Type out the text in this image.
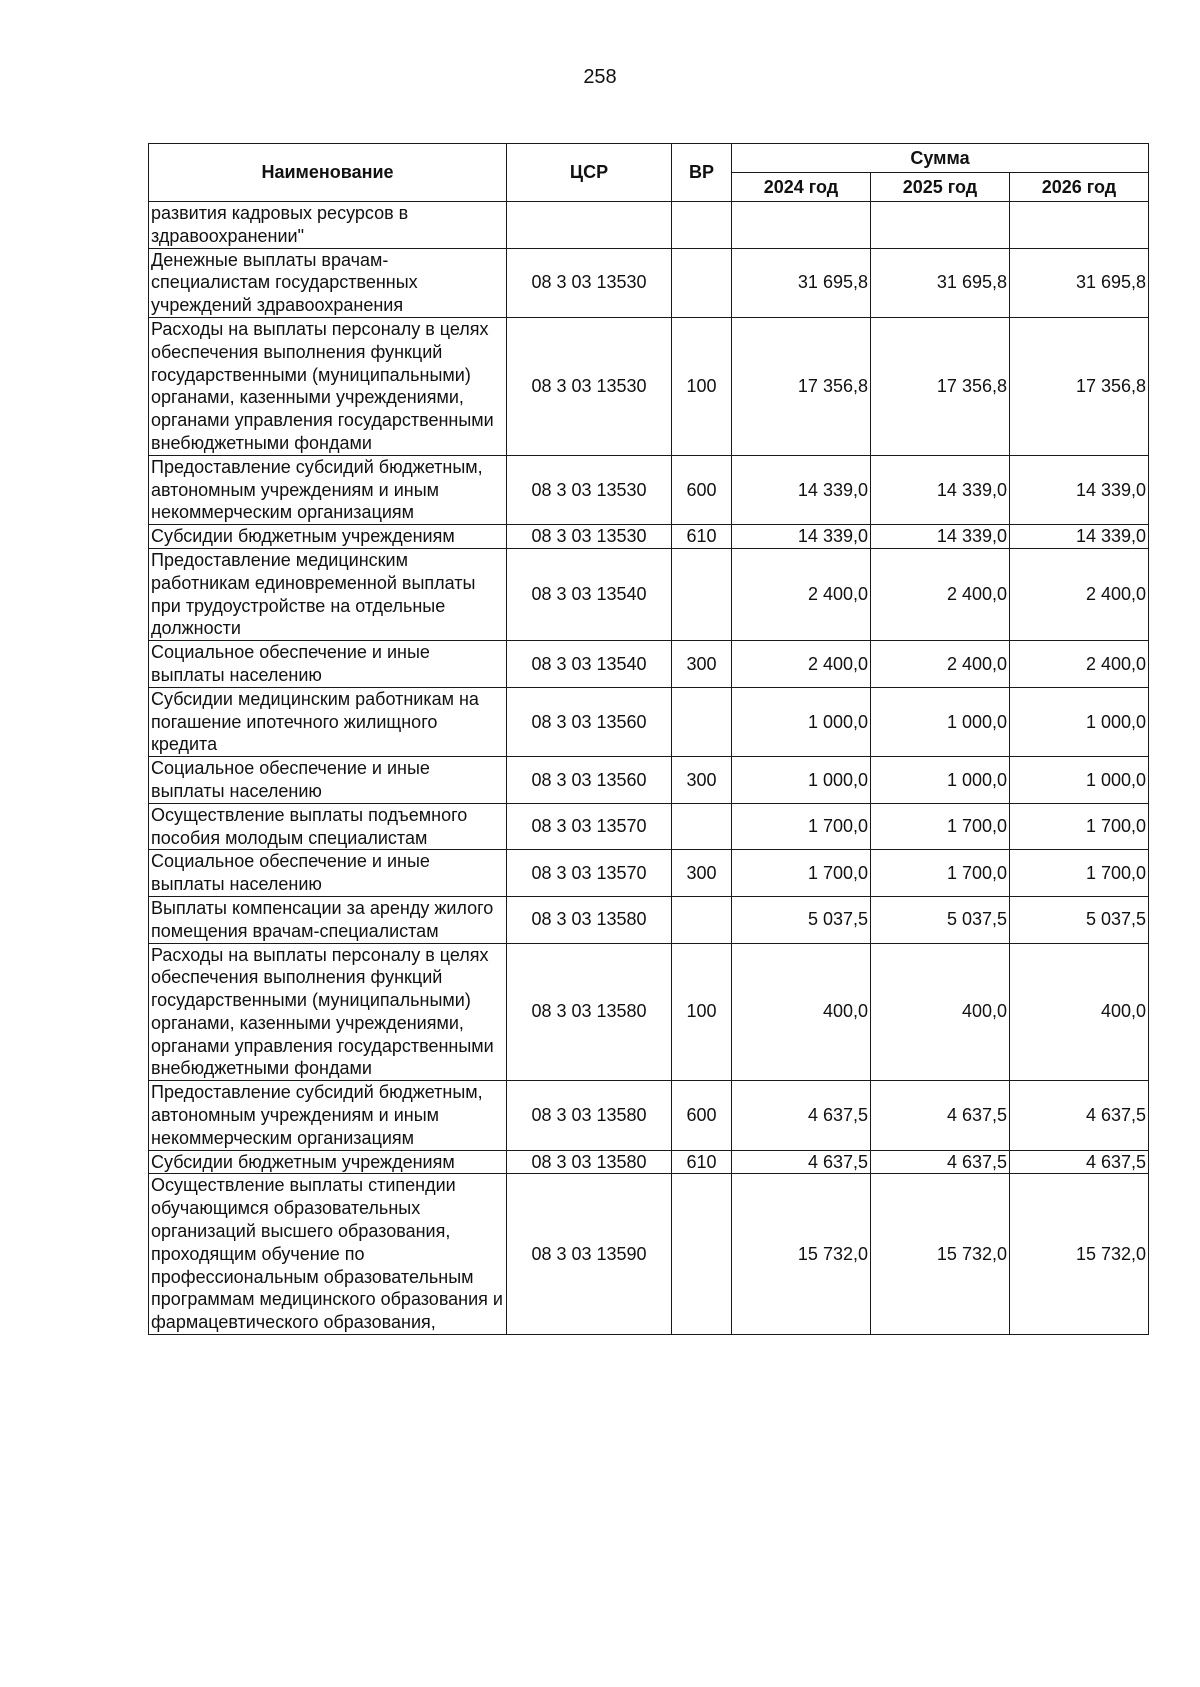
258
Наименование	ЦСР	ВР	Сумма		
			2024 год	2025 год	2026 год
развития кадровых ресурсов в здравоохранении"					
Денежные выплаты врачам-специалистам государственных учреждений здравоохранения	08 3 03 13530		31 695,8	31 695,8	31 695,8
Расходы на выплаты персоналу в целях обеспечения выполнения функций государственными (муниципальными) органами, казенными учреждениями, органами управления государственными внебюджетными фондами	08 3 03 13530	100	17 356,8	17 356,8	17 356,8
Предоставление субсидий бюджетным, автономным учреждениям и иным некоммерческим организациям	08 3 03 13530	600	14 339,0	14 339,0	14 339,0
Субсидии бюджетным учреждениям	08 3 03 13530	610	14 339,0	14 339,0	14 339,0
Предоставление медицинским работникам единовременной выплаты при трудоустройстве на отдельные должности	08 3 03 13540		2 400,0	2 400,0	2 400,0
Социальное обеспечение и иные выплаты населению	08 3 03 13540	300	2 400,0	2 400,0	2 400,0
Субсидии медицинским работникам на погашение ипотечного жилищного кредита	08 3 03 13560		1 000,0	1 000,0	1 000,0
Социальное обеспечение и иные выплаты населению	08 3 03 13560	300	1 000,0	1 000,0	1 000,0
Осуществление выплаты подъемного пособия молодым специалистам	08 3 03 13570		1 700,0	1 700,0	1 700,0
Социальное обеспечение и иные выплаты населению	08 3 03 13570	300	1 700,0	1 700,0	1 700,0
Выплаты компенсации за аренду жилого помещения врачам-специалистам	08 3 03 13580		5 037,5	5 037,5	5 037,5
Расходы на выплаты персоналу в целях обеспечения выполнения функций государственными (муниципальными) органами, казенными учреждениями, органами управления государственными внебюджетными фондами	08 3 03 13580	100	400,0	400,0	400,0
Предоставление субсидий бюджетным, автономным учреждениям и иным некоммерческим организациям	08 3 03 13580	600	4 637,5	4 637,5	4 637,5
Субсидии бюджетным учреждениям	08 3 03 13580	610	4 637,5	4 637,5	4 637,5
Осуществление выплаты стипендии обучающимся образовательных организаций высшего образования, проходящим обучение по профессиональным образовательным программам медицинского образования и фармацевтического образования,	08 3 03 13590		15 732,0	15 732,0	15 732,0
